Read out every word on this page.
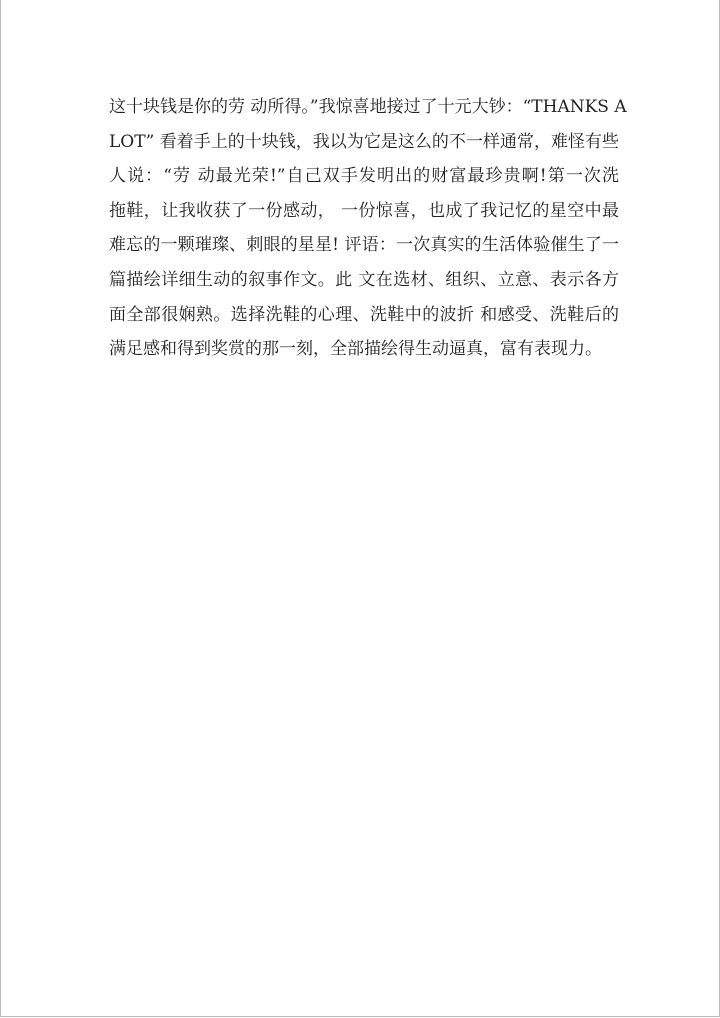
这十块钱是你的劳 动所得。”我惊喜地接过了十元大钞：“THANKS A
LOT” 看着手上的十块钱，我以为它是这么的不一样通常，难怪有些
人说：“劳 动最光荣!”自己双手发明出的财富最珍贵啊!第一次洗
拖鞋，让我收获了一份感动， 一份惊喜，也成了我记忆的星空中最
难忘的一颗璀璨、刺眼的星星! 评语：一次真实的生活体验催生了一
篇描绘详细生动的叙事作文。此 文在选材、组织、立意、表示各方
面全部很娴熟。选择洗鞋的心理、洗鞋中的波折 和感受、洗鞋后的
满足感和得到奖赏的那一刻，全部描绘得生动逼真，富有表现力。
